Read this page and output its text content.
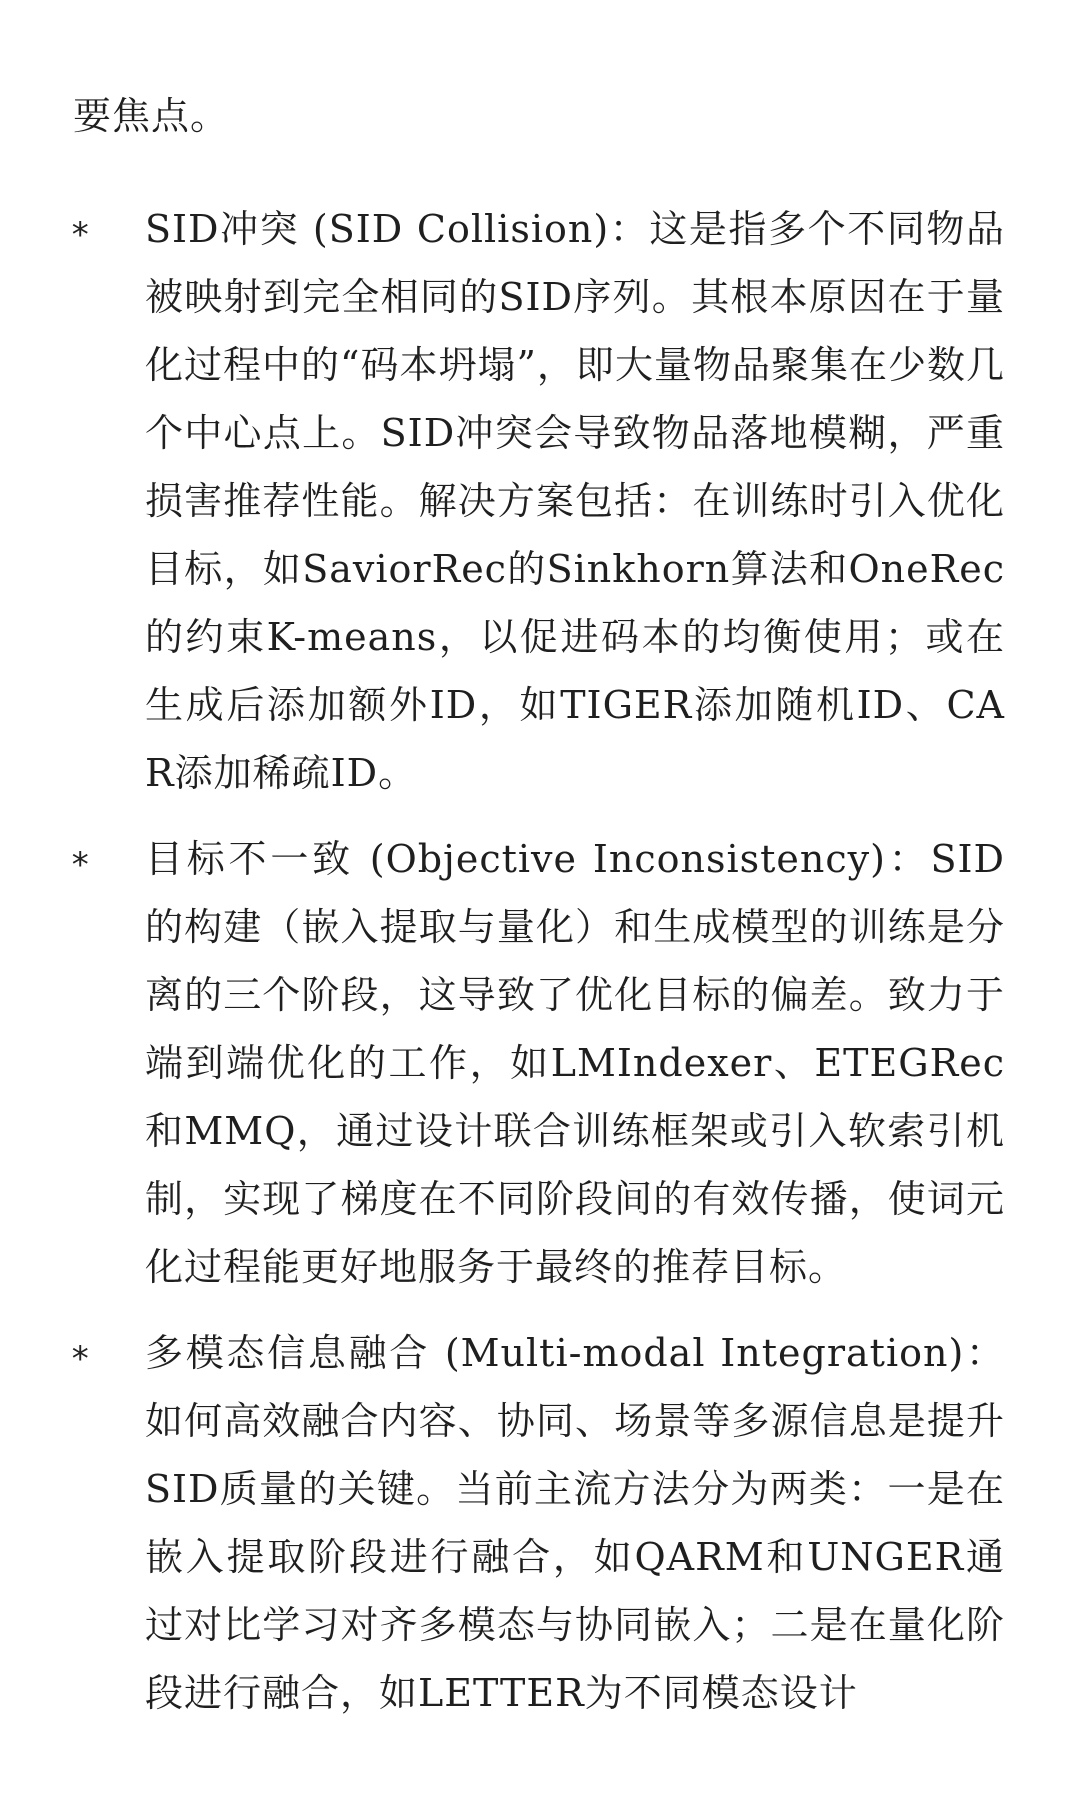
要焦点。

* SID冲突 (SID Collision)：这是指多个不同物品被映射到完全相同的SID序列。其根本原因在于量化过程中的“码本坍塌”，即大量物品聚集在少数几个中心点上。SID冲突会导致物品落地模糊，严重损害推荐性能。解决方案包括：在训练时引入优化目标，如SaviorRec的Sinkhorn算法和OneRec的约束K-means，以促进码本的均衡使用；或在生成后添加额外ID，如TIGER添加随机ID、CAR添加稀疏ID。
* 目标不一致 (Objective Inconsistency)：SID的构建（嵌入提取与量化）和生成模型的训练是分离的三个阶段，这导致了优化目标的偏差。致力于端到端优化的工作，如LMIndexer、ETEGRec和MMQ，通过设计联合训练框架或引入软索引机制，实现了梯度在不同阶段间的有效传播，使词元化过程能更好地服务于最终的推荐目标。
* 多模态信息融合 (Multi-modal Integration)：如何高效融合内容、协同、场景等多源信息是提升SID质量的关键。当前主流方法分为两类：一是在嵌入提取阶段进行融合，如QARM和UNGER通过对比学习对齐多模态与协同嵌入；二是在量化阶段进行融合，如LETTER为不同模态设计
